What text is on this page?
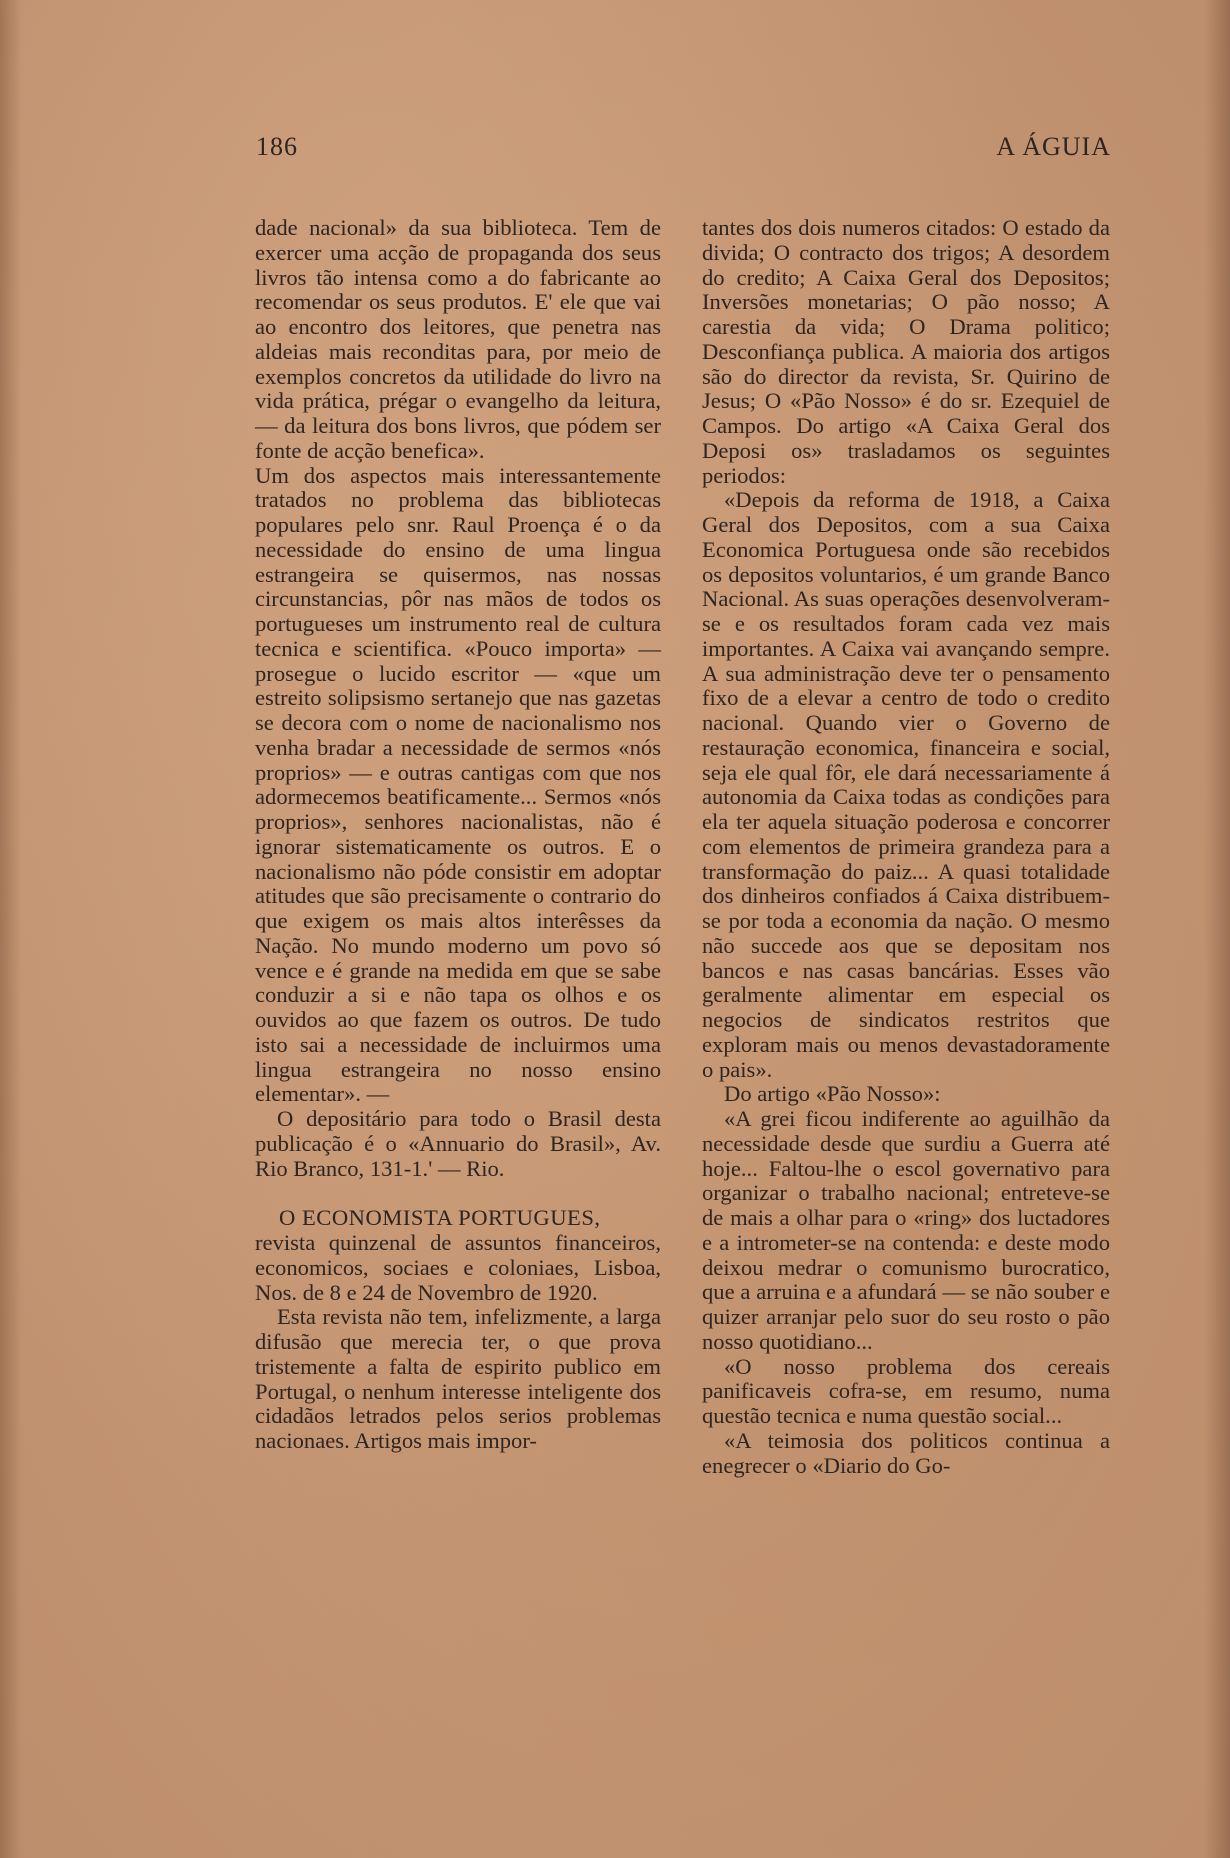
186	A ÁGUIA

dade nacional» da sua biblioteca. Tem de exercer uma acção de propaganda dos seus livros tão intensa como a do fabricante ao recomendar os seus produtos. E' ele que vai ao encontro dos leitores, que penetra nas aldeias mais reconditas para, por meio de exemplos concretos da utilidade do livro na vida prática, prégar o evangelho da leitura, — da leitura dos bons livros, que pódem ser fonte de acção benefica».

Um dos aspectos mais interessantemente tratados no problema das bibliotecas populares pelo snr. Raul Proença é o da necessidade do ensino de uma lingua estrangeira se quisermos, nas nossas circunstancias, pôr nas mãos de todos os portugueses um instrumento real de cultura tecnica e scientifica. «Pouco importa» — prosegue o lucido escritor — «que um estreito solipsismo sertanejo que nas gazetas se decora com o nome de nacionalismo nos venha bradar a necessidade de sermos «nós proprios» — e outras cantigas com que nos adormecemos beatificamente... Sermos «nós proprios», senhores nacionalistas, não é ignorar sistematicamente os outros. E o nacionalismo não póde consistir em adoptar atitudes que são precisamente o contrario do que exigem os mais altos interêsses da Nação. No mundo moderno um povo só vence e é grande na medida em que se sabe conduzir a si e não tapa os olhos e os ouvidos ao que fazem os outros. De tudo isto sai a necessidade de incluirmos uma lingua estrangeira no nosso ensino elementar». —

O depositário para todo o Brasil desta publicação é o «Annuario do Brasil», Av. Rio Branco, 131-1.' — Rio.

O ECONOMISTA PORTUGUES,

revista quinzenal de assuntos financeiros, economicos, sociaes e coloniaes, Lisboa, Nos. de 8 e 24 de Novembro de 1920.

Esta revista não tem, infelizmente, a larga difusão que merecia ter, o que prova tristemente a falta de espirito publico em Portugal, o nenhum interesse inteligente dos cidadãos letrados pelos serios problemas nacionaes. Artigos mais impor-

tantes dos dois numeros citados: O estado da divida; O contracto dos trigos; A desordem do credito; A Caixa Geral dos Depositos; Inversões monetarias; O pão nosso; A carestia da vida; O Drama politico; Desconfiança publica. A maioria dos artigos são do director da revista, Sr. Quirino de Jesus; O «Pão Nosso» é do sr. Ezequiel de Campos. Do artigo «A Caixa Geral dos Deposi os» trasladamos os seguintes periodos:

«Depois da reforma de 1918, a Caixa Geral dos Depositos, com a sua Caixa Economica Portuguesa onde são recebidos os depositos voluntarios, é um grande Banco Nacional. As suas operações desenvolveram-se e os resultados foram cada vez mais importantes. A Caixa vai avançando sempre. A sua administração deve ter o pensamento fixo de a elevar a centro de todo o credito nacional. Quando vier o Governo de restauração economica, financeira e social, seja ele qual fôr, ele dará necessariamente á autonomia da Caixa todas as condições para ela ter aquela situação poderosa e concorrer com elementos de primeira grandeza para a transformação do paiz... A quasi totalidade dos dinheiros confiados á Caixa distribuem-se por toda a economia da nação. O mesmo não succede aos que se depositam nos bancos e nas casas bancárias. Esses vão geralmente alimentar em especial os negocios de sindicatos restritos que exploram mais ou menos devastadoramente o pais».

Do artigo «Pão Nosso»:

«A grei ficou indiferente ao aguilhão da necessidade desde que surdiu a Guerra até hoje... Faltou-lhe o escol governativo para organizar o trabalho nacional; entreteve-se de mais a olhar para o «ring» dos luctadores e a intrometer-se na contenda: e deste modo deixou medrar o comunismo burocratico, que a arruina e a afundará — se não souber e quizer arranjar pelo suor do seu rosto o pão nosso quotidiano...

«O nosso problema dos cereais panificaveis cofra-se, em resumo, numa questão tecnica e numa questão social...

«A teimosia dos politicos continua a enegrecer o «Diario do Go-
